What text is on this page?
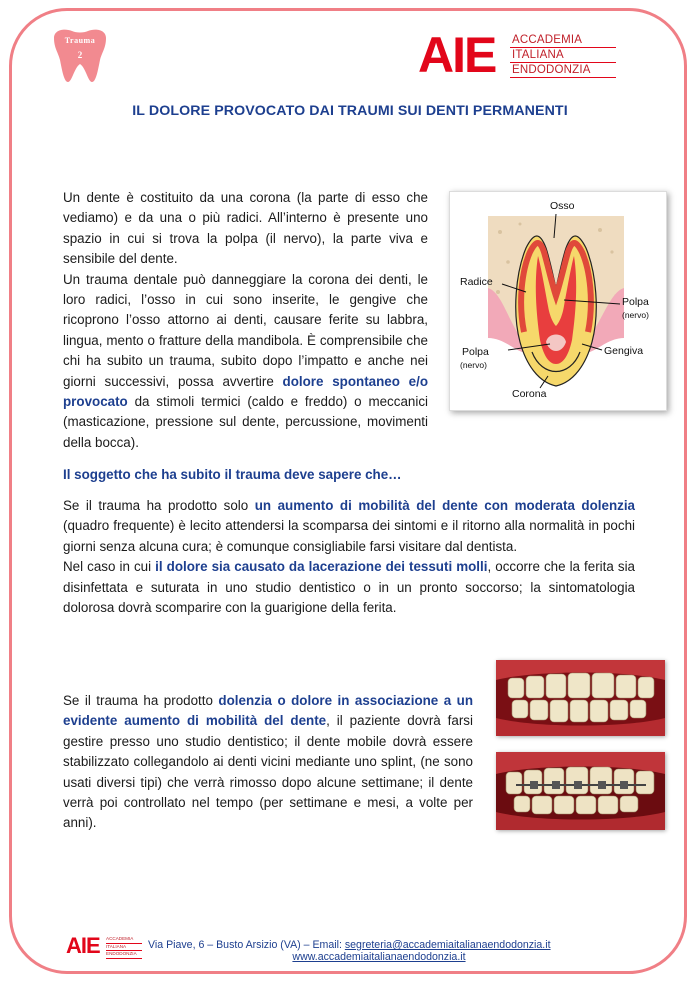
Trauma
2	AIE ACCADEMIA
ITALIANA
ENDODONZIA
IL DOLORE PROVOCATO DAI TRAUMI SUI DENTI PERMANENTI

Un dente è costituito da una corona (la parte di esso che vediamo) e da una o più radici. All’interno è presente uno spazio in cui si trova la polpa (il nervo), la parte viva e sensibile del dente.

Un trauma dentale può danneggiare la corona dei denti, le loro radici, l’osso in cui sono inserite, le gengive che ricoprono l’osso attorno ai denti, causare ferite su labbra, lingua, mento o fratture della mandibola. È comprensibile che chi ha subito un trauma, subito dopo l’impatto e anche nei giorni successivi, possa avvertire dolore spontaneo e/o provocato da stimoli termici (caldo e freddo) o meccanici (masticazione, pressione sul dente, percussione, movimenti della bocca).

Osso
Radice
Polpa
(nervo)
Polpa
(nervo)
Gengiva
Corona
Il soggetto che ha subito il trauma deve sapere che…

Se il trauma ha prodotto solo un aumento di mobilità del dente con moderata dolenzia (quadro frequente) è lecito attendersi la scomparsa dei sintomi e il ritorno alla normalità in pochi giorni senza alcuna cura; è comunque consigliabile farsi visitare dal dentista.

Nel caso in cui il dolore sia causato da lacerazione dei tessuti molli, occorre che la ferita sia disinfettata e suturata in uno studio dentistico o in un pronto soccorso; la sintomatologia dolorosa dovrà scomparire con la guarigione della ferita.

Se il trauma ha prodotto dolenzia o dolore in associazione a un evidente aumento di mobilità del dente, il paziente dovrà farsi gestire presso uno studio dentistico; il dente mobile dovrà essere stabilizzato collegandolo ai denti vicini mediante uno splint, (ne sono usati diversi tipi) che verrà rimosso dopo alcune settimane; il dente verrà poi controllato nel tempo (per settimane e mesi, a volte per anni).

AIE ACCADEMIA
ITALIANA
ENDODONZIA
Via Piave, 6 – Busto Arsizio (VA) – Email: segreteria@accademiaitalianaendodonzia.it
www.accademiaitalianaendodonzia.it
